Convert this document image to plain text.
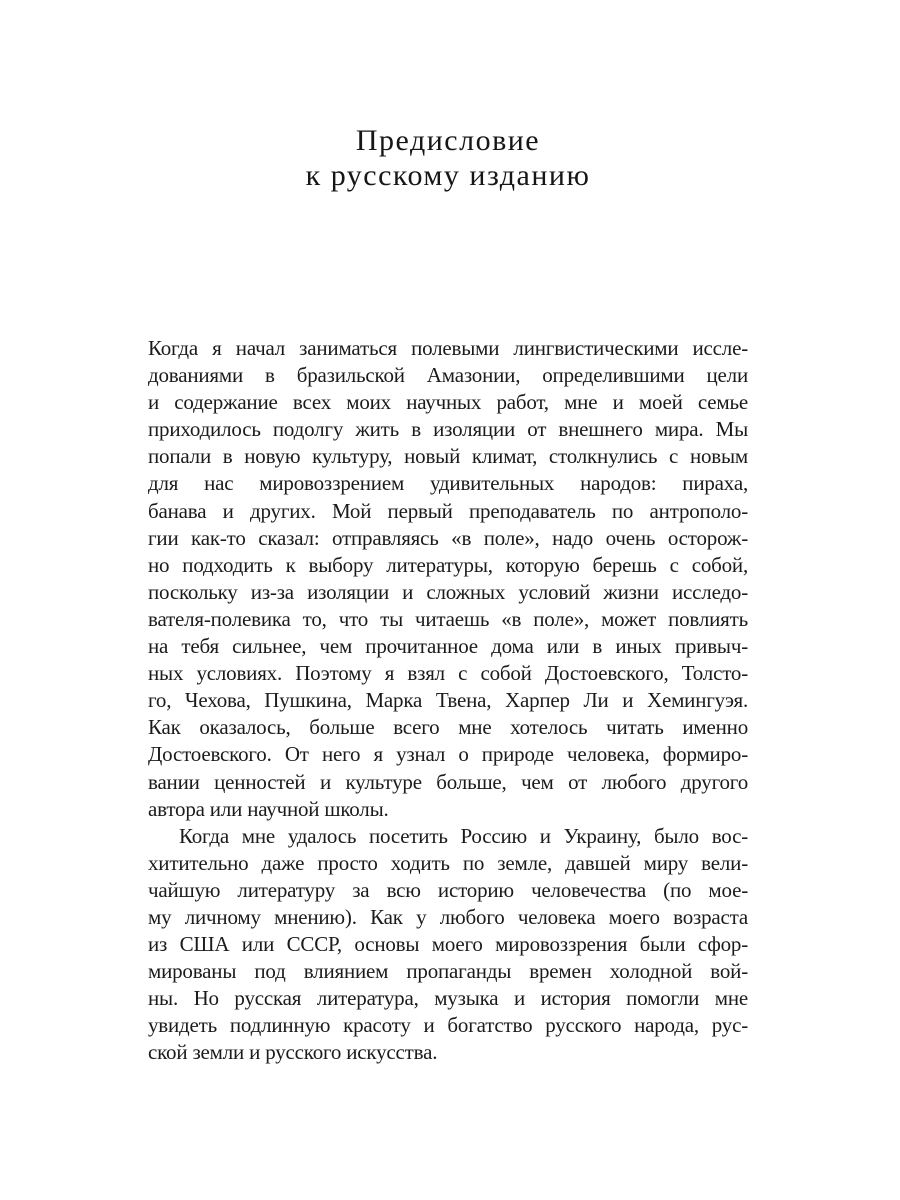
Предисловие
к русскому изданию
Когда я начал заниматься полевыми лингвистическими иссле-
дованиями в бразильской Амазонии, определившими цели
и содержание всех моих научных работ, мне и моей семье
приходилось подолгу жить в изоляции от внешнего мира. Мы
попали в новую культуру, новый климат, столкнулись с новым
для нас мировоззрением удивительных народов: пираха,
банава и других. Мой первый преподаватель по антрополо-
гии как-то сказал: отправляясь «в поле», надо очень осторож-
но подходить к выбору литературы, которую берешь с собой,
поскольку из-за изоляции и сложных условий жизни исследо-
вателя-полевика то, что ты читаешь «в поле», может повлиять
на тебя сильнее, чем прочитанное дома или в иных привыч-
ных условиях. Поэтому я взял с собой Достоевского, Толсто-
го, Чехова, Пушкина, Марка Твена, Харпер Ли и Хемингуэя.
Как оказалось, больше всего мне хотелось читать именно
Достоевского. От него я узнал о природе человека, формиро-
вании ценностей и культуре больше, чем от любого другого
автора или научной школы.
Когда мне удалось посетить Россию и Украину, было вос-
хитительно даже просто ходить по земле, давшей миру вели-
чайшую литературу за всю историю человечества (по мое-
му личному мнению). Как у любого человека моего возраста
из США или СССР, основы моего мировоззрения были сфор-
мированы под влиянием пропаганды времен холодной вой-
ны. Но русская литература, музыка и история помогли мне
увидеть подлинную красоту и богатство русского народа, рус-
ской земли и русского искусства.
